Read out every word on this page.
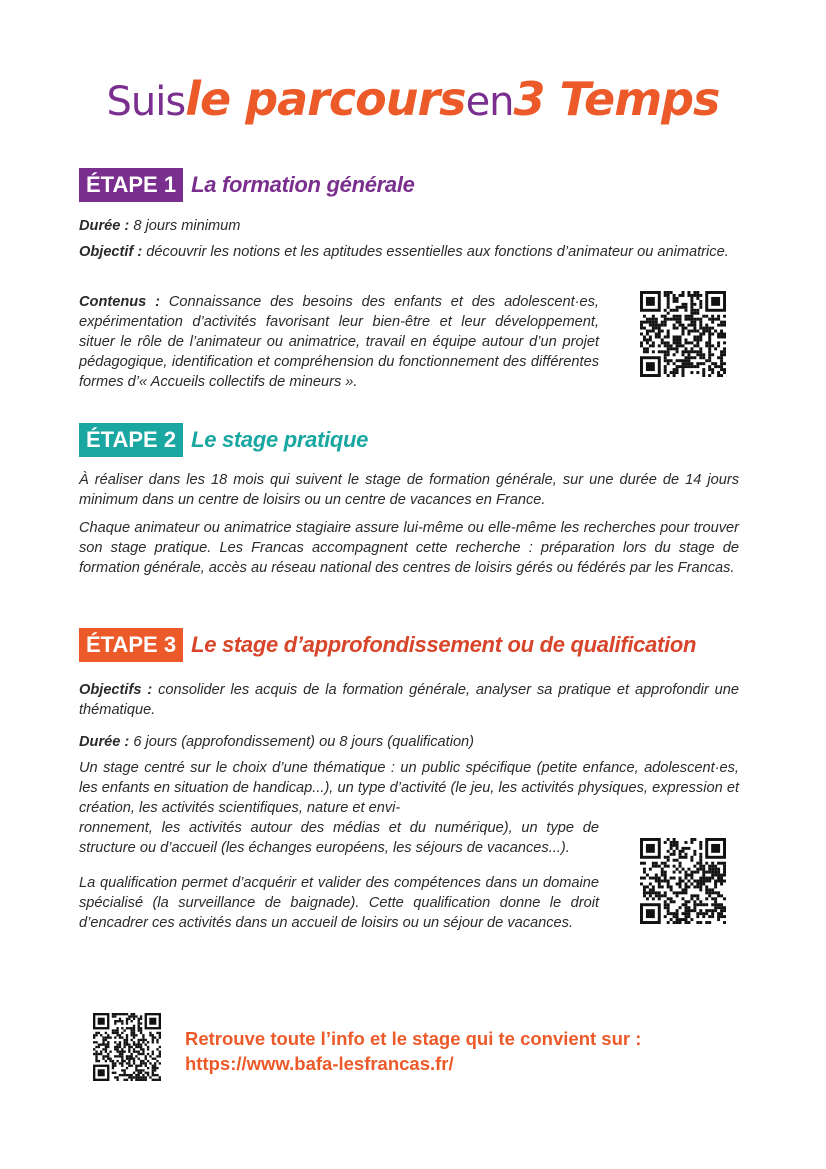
Suisle parcoursen3 Temps
ÉTAPE 1 La formation générale

Durée : 8 jours minimum

Objectif : découvrir les notions et les aptitudes essentielles aux fonctions d’animateur ou animatrice.

Contenus : Connaissance des besoins des enfants et des adolescent·es, expérimentation d’activités favorisant leur bien-être et leur développement, situer le rôle de l’animateur ou animatrice, travail en équipe autour d’un projet pédagogique, identification et compréhension du fonctionnement des différentes formes d’« Accueils collectifs de mineurs ».

ÉTAPE 2 Le stage pratique

À réaliser dans les 18 mois qui suivent le stage de formation générale, sur une durée de 14 jours minimum dans un centre de loisirs ou un centre de vacances en France.

Chaque animateur ou animatrice stagiaire assure lui-même ou elle-même les recherches pour trouver son stage pratique. Les Francas accompagnent cette recherche : préparation lors du stage de formation générale, accès au réseau national des centres de loisirs gérés ou fédérés par les Francas.

ÉTAPE 3 Le stage d’approfondissement ou de qualification

Objectifs : consolider les acquis de la formation générale, analyser sa pratique et approfondir une thématique.

Durée : 6 jours (approfondissement) ou 8 jours (qualification)

Un stage centré sur le choix d’une thématique : un public spécifique (petite enfance, adolescent·es, les enfants en situation de handicap...), un type d’activité (le jeu, les activités physiques, expression et création, les activités scientifiques, nature et envi-

ronnement, les activités autour des médias et du numérique), un type de structure ou d’accueil (les échanges européens, les séjours de vacances...).

La qualification permet d’acquérir et valider des compétences dans un domaine spécialisé (la surveillance de baignade). Cette qualification donne le droit d’encadrer ces activités dans un accueil de loisirs ou un séjour de vacances.

Retrouve toute l’info et le stage qui te convient sur :
https://www.bafa-lesfrancas.fr/
